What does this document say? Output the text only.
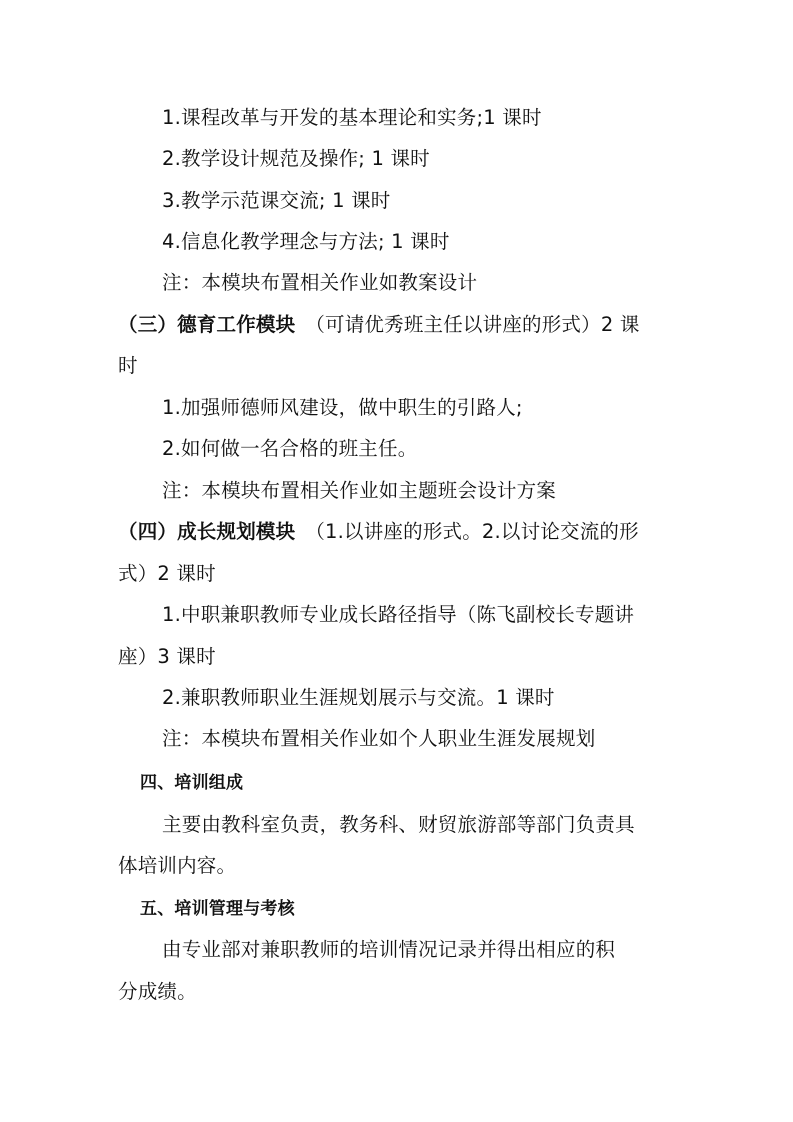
1.课程改革与开发的基本理论和实务;1 课时
2.教学设计规范及操作; 1 课时
3.教学示范课交流; 1 课时
4.信息化教学理念与方法; 1 课时
注：本模块布置相关作业如教案设计
（三）德育工作模块 （可请优秀班主任以讲座的形式）2 课
时
1.加强师德师风建设，做中职生的引路人;
2.如何做一名合格的班主任。
注：本模块布置相关作业如主题班会设计方案
（四）成长规划模块 （1.以讲座的形式。2.以讨论交流的形
式）2 课时
1.中职兼职教师专业成长路径指导（陈飞副校长专题讲
座）3 课时
2.兼职教师职业生涯规划展示与交流。1 课时
注：本模块布置相关作业如个人职业生涯发展规划
四、培训组成
主要由教科室负责，教务科、财贸旅游部等部门负责具
体培训内容。
五、培训管理与考核
由专业部对兼职教师的培训情况记录并得出相应的积
分成绩。
